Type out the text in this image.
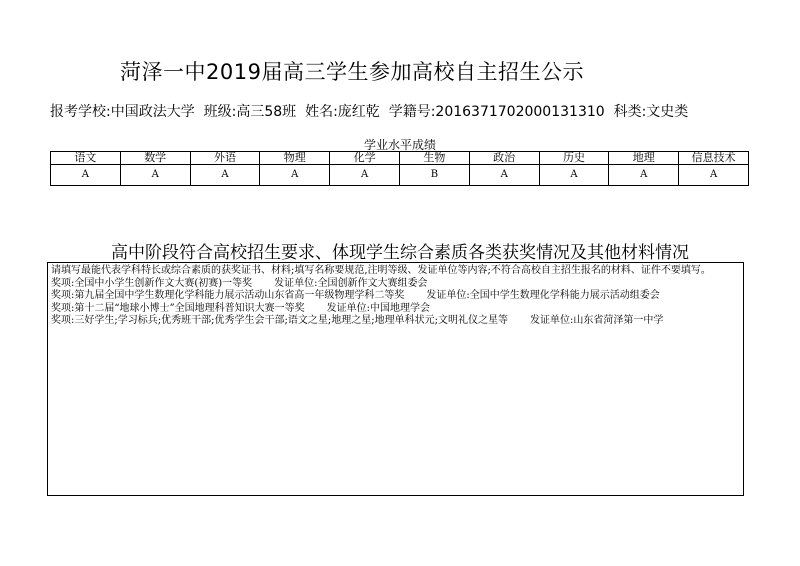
菏泽一中2019届高三学生参加高校自主招生公示
报考学校:中国政法大学 班级:高三58班 姓名:庞红乾 学籍号:2016371702000131310 科类:文史类
学业水平成绩
语文	数学	外语	物理	化学	生物	政治	历史	地理	信息技术
A	A	A	A	A	B	A	A	A	A
高中阶段符合高校招生要求、体现学生综合素质各类获奖情况及其他材料情况

请填写最能代表学科特长或综合素质的获奖证书、材料;填写名称要规范,注明等级、发证单位等内容;不符合高校自主招生报名的材料、证件不要填写。

奖项:全国中小学生创新作文大赛(初赛)一等奖 发证单位:全国创新作文大赛组委会

奖项:第九届全国中学生数理化学科能力展示活动山东省高一年级物理学科二等奖 发证单位:全国中学生数理化学科能力展示活动组委会

奖项:第十二届“地球小博士”全国地理科普知识大赛一等奖 发证单位:中国地理学会

奖项:三好学生;学习标兵;优秀班干部;优秀学生会干部;语文之星;地理之星;地理单科状元;文明礼仪之星等 发证单位:山东省菏泽第一中学
